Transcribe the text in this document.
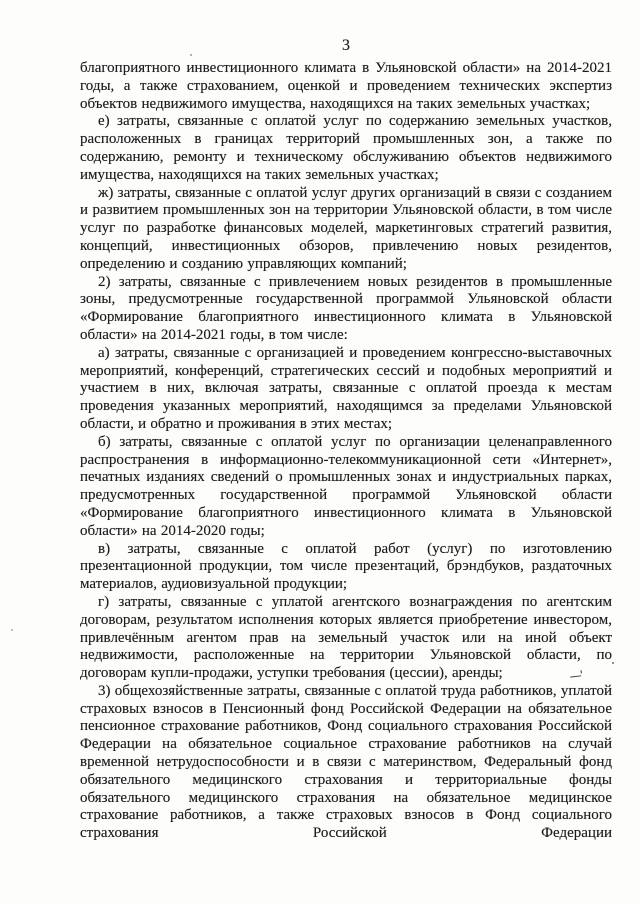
3

благоприятного инвестиционного климата в Ульяновской области» на 2014-2021 годы, а также страхованием, оценкой и проведением технических экспертиз объектов недвижимого имущества, находящихся на таких земельных участках;

е) затраты, связанные с оплатой услуг по содержанию земельных участков, расположенных в границах территорий промышленных зон, а также по содержанию, ремонту и техническому обслуживанию объектов недвижимого имущества, находящихся на таких земельных участках;

ж) затраты, связанные с оплатой услуг других организаций в связи с созданием и развитием промышленных зон на территории Ульяновской области, в том числе услуг по разработке финансовых моделей, маркетинговых стратегий развития, концепций, инвестиционных обзоров, привлечению новых резидентов, определению и созданию управляющих компаний;

2) затраты, связанные с привлечением новых резидентов в промышленные зоны, предусмотренные государственной программой Ульяновской области «Формирование благоприятного инвестиционного климата в Ульяновской области» на 2014-2021 годы, в том числе:

а) затраты, связанные с организацией и проведением конгрессно-выставочных мероприятий, конференций, стратегических сессий и подобных мероприятий и участием в них, включая затраты, связанные с оплатой проезда к местам проведения указанных мероприятий, находящимся за пределами Ульяновской области, и обратно и проживания в этих местах;

б) затраты, связанные с оплатой услуг по организации целенаправленного распространения в информационно-телекоммуникационной сети «Интернет», печатных изданиях сведений о промышленных зонах и индустриальных парках, предусмотренных государственной программой Ульяновской области «Формирование благоприятного инвестиционного климата в Ульяновской области» на 2014-2020 годы;

в) затраты, связанные с оплатой работ (услуг) по изготовлению презентационной продукции, том числе презентаций, брэндбуков, раздаточных материалов, аудиовизуальной продукции;

г) затраты, связанные с уплатой агентского вознаграждения по агентским договорам, результатом исполнения которых является приобретение инвестором, привлечённым агентом прав на земельный участок или на иной объект недвижимости, расположенные на территории Ульяновской области, по договорам купли-продажи, уступки требования (цессии), аренды;

3) общехозяйственные затраты, связанные с оплатой труда работников, уплатой страховых взносов в Пенсионный фонд Российской Федерации на обязательное пенсионное страхование работников, Фонд социального страхования Российской Федерации на обязательное социальное страхование работников на случай временной нетрудоспособности и в связи с материнством, Федеральный фонд обязательного медицинского страхования и территориальные фонды обязательного медицинского страхования на обязательное медицинское страхование работников, а также страховых взносов в Фонд социального страхования Российской Федерации
